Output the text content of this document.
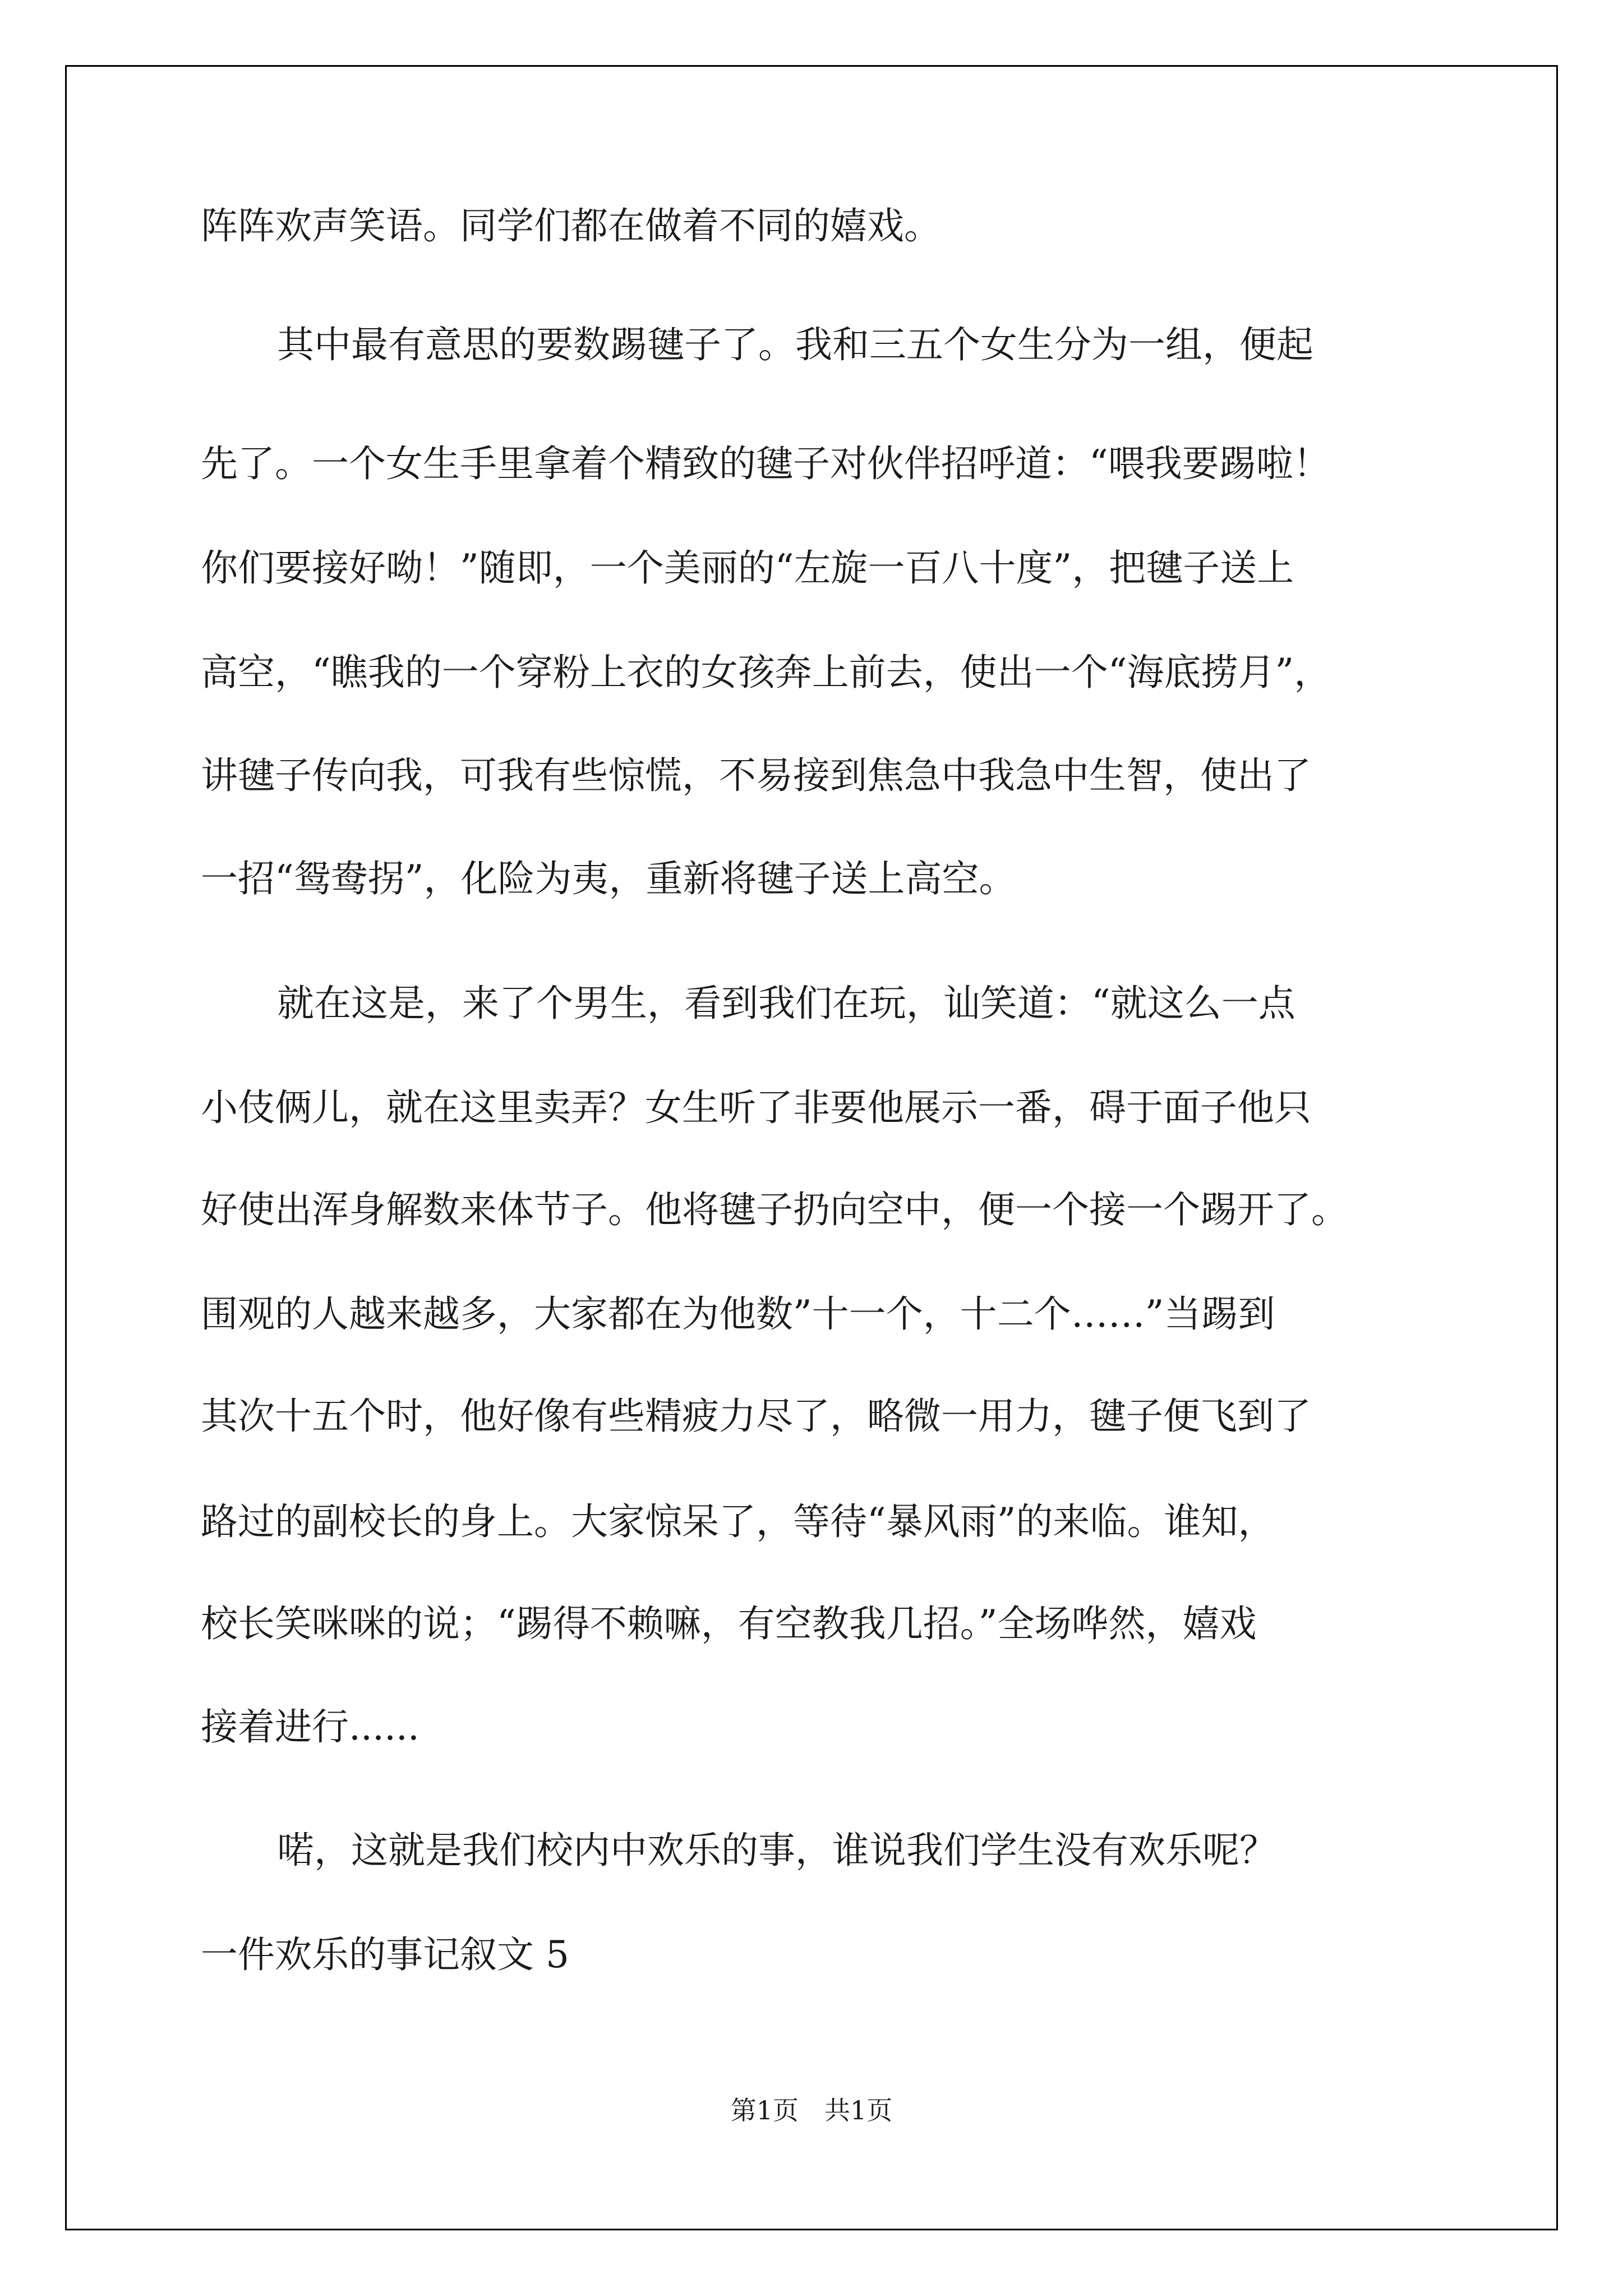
阵阵欢声笑语。同学们都在做着不同的嬉戏。
其中最有意思的要数踢毽子了。我和三五个女生分为一组，便起
先了。一个女生手里拿着个精致的毽子对伙伴招呼道：“喂我要踢啦！
你们要接好呦！”随即，一个美丽的“左旋一百八十度”，把毽子送上
高空，“瞧我的一个穿粉上衣的女孩奔上前去，使出一个“海底捞月”，
讲毽子传向我，可我有些惊慌，不易接到焦急中我急中生智，使出了
一招“鸳鸯拐”，化险为夷，重新将毽子送上高空。
就在这是，来了个男生，看到我们在玩，讪笑道：“就这么一点
小伎俩儿，就在这里卖弄？女生听了非要他展示一番，碍于面子他只
好使出浑身解数来体节子。他将毽子扔向空中，便一个接一个踢开了。
围观的人越来越多，大家都在为他数”十一个，十二个……”当踢到
其次十五个时，他好像有些精疲力尽了，略微一用力，毽子便飞到了
路过的副校长的身上。大家惊呆了，等待“暴风雨”的来临。谁知，
校长笑咪咪的说；“踢得不赖嘛，有空教我几招。”全场哗然，嬉戏
接着进行......
喏，这就是我们校内中欢乐的事，谁说我们学生没有欢乐呢？
一件欢乐的事记叙文 5
第1页　共1页
